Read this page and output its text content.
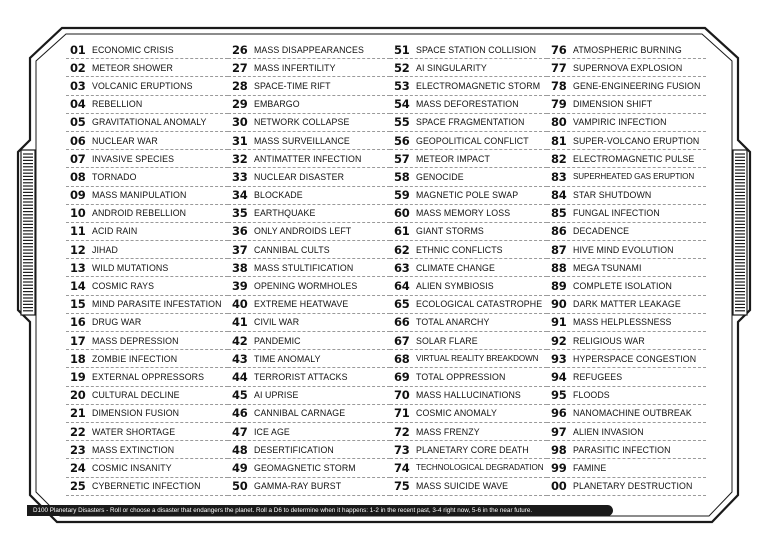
01 ECONOMIC CRISIS
02 METEOR SHOWER
03 VOLCANIC ERUPTIONS
04 REBELLION
05 GRAVITATIONAL ANOMALY
06 NUCLEAR WAR
07 INVASIVE SPECIES
08 TORNADO
09 MASS MANIPULATION
10 ANDROID REBELLION
11 ACID RAIN
12 JIHAD
13 WILD MUTATIONS
14 COSMIC RAYS
15 MIND PARASITE INFESTATION
16 DRUG WAR
17 MASS DEPRESSION
18 ZOMBIE INFECTION
19 EXTERNAL OPPRESSORS
20 CULTURAL DECLINE
21 DIMENSION FUSION
22 WATER SHORTAGE
23 MASS EXTINCTION
24 COSMIC INSANITY
25 CYBERNETIC INFECTION
26 MASS DISAPPEARANCES
27 MASS INFERTILITY
28 SPACE-TIME RIFT
29 EMBARGO
30 NETWORK COLLAPSE
31 MASS SURVEILLANCE
32 ANTIMATTER INFECTION
33 NUCLEAR DISASTER
34 BLOCKADE
35 EARTHQUAKE
36 ONLY ANDROIDS LEFT
37 CANNIBAL CULTS
38 MASS STULTIFICATION
39 OPENING WORMHOLES
40 EXTREME HEATWAVE
41 CIVIL WAR
42 PANDEMIC
43 TIME ANOMALY
44 TERRORIST ATTACKS
45 AI UPRISE
46 CANNIBAL CARNAGE
47 ICE AGE
48 DESERTIFICATION
49 GEOMAGNETIC STORM
50 GAMMA-RAY BURST
51 SPACE STATION COLLISION
52 AI SINGULARITY
53 ELECTROMAGNETIC STORM
54 MASS DEFORESTATION
55 SPACE FRAGMENTATION
56 GEOPOLITICAL CONFLICT
57 METEOR IMPACT
58 GENOCIDE
59 MAGNETIC POLE SWAP
60 MASS MEMORY LOSS
61 GIANT STORMS
62 ETHNIC CONFLICTS
63 CLIMATE CHANGE
64 ALIEN SYMBIOSIS
65 ECOLOGICAL CATASTROPHE
66 TOTAL ANARCHY
67 SOLAR FLARE
68 VIRTUAL REALITY BREAKDOWN
69 TOTAL OPPRESSION
70 MASS HALLUCINATIONS
71 COSMIC ANOMALY
72 MASS FRENZY
73 PLANETARY CORE DEATH
74 TECHNOLOGICAL DEGRADATION
75 MASS SUICIDE WAVE
76 ATMOSPHERIC BURNING
77 SUPERNOVA EXPLOSION
78 GENE-ENGINEERING FUSION
79 DIMENSION SHIFT
80 VAMPIRIC INFECTION
81 SUPER-VOLCANO ERUPTION
82 ELECTROMAGNETIC PULSE
83 SUPERHEATED GAS ERUPTION
84 STAR SHUTDOWN
85 FUNGAL INFECTION
86 DECADENCE
87 HIVE MIND EVOLUTION
88 MEGA TSUNAMI
89 COMPLETE ISOLATION
90 DARK MATTER LEAKAGE
91 MASS HELPLESSNESS
92 RELIGIOUS WAR
93 HYPERSPACE CONGESTION
94 REFUGEES
95 FLOODS
96 NANOMACHINE OUTBREAK
97 ALIEN INVASION
98 PARASITIC INFECTION
99 FAMINE
00 PLANETARY DESTRUCTION
D100 Planetary Disasters - Roll or choose a disaster that endangers the planet. Roll a D6 to determine when it happens: 1-2 in the recent past, 3-4 right now, 5-6 in the near future.
